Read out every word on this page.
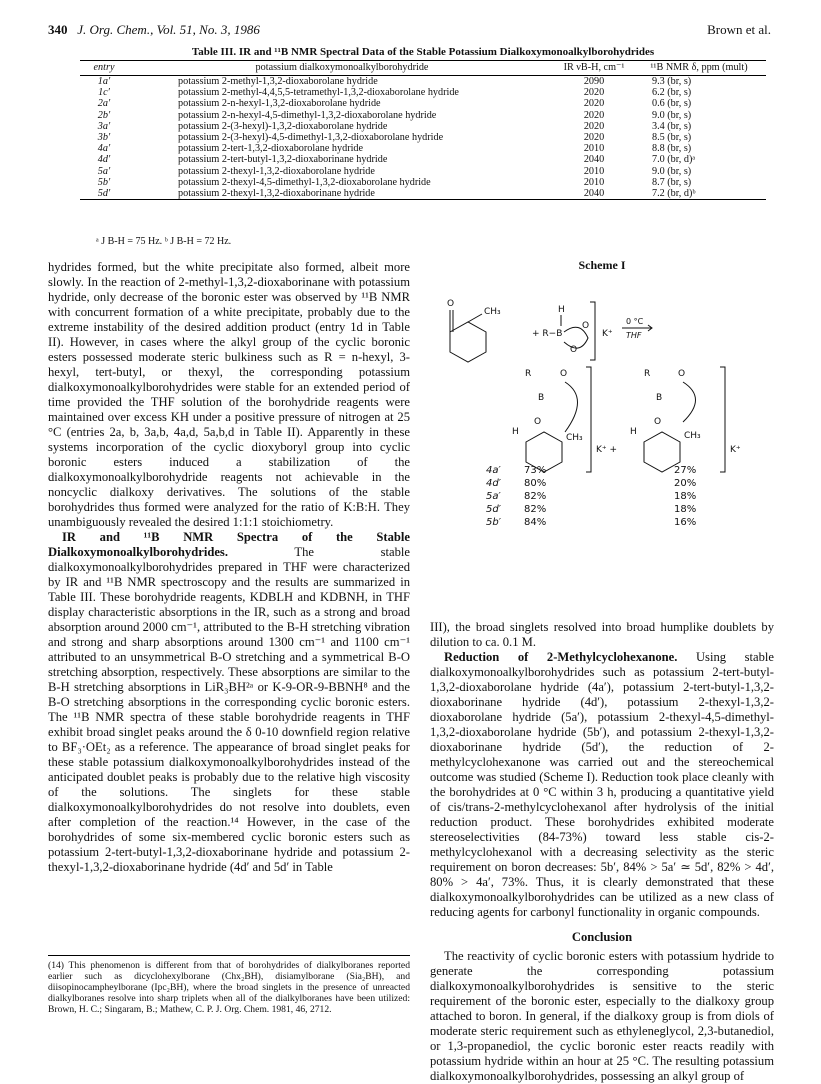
340 J. Org. Chem., Vol. 51, No. 3, 1986	Brown et al.
Table III. IR and ¹¹B NMR Spectral Data of the Stable Potassium Dialkoxymonoalkylborohydrides
entry	potassium dialkoxymonoalkylborohydride	IR νB-H, cm⁻¹	¹¹B NMR δ, ppm (mult)
1a′	potassium 2-methyl-1,3,2-dioxaborolane hydride	2090	9.3 (br, s)
1c′	potassium 2-methyl-4,4,5,5-tetramethyl-1,3,2-dioxaborolane hydride	2020	6.2 (br, s)
2a′	potassium 2-n-hexyl-1,3,2-dioxaborolane hydride	2020	0.6 (br, s)
2b′	potassium 2-n-hexyl-4,5-dimethyl-1,3,2-dioxaborolane hydride	2020	9.0 (br, s)
3a′	potassium 2-(3-hexyl)-1,3,2-dioxaborolane hydride	2020	3.4 (br, s)
3b′	potassium 2-(3-hexyl)-4,5-dimethyl-1,3,2-dioxaborolane hydride	2020	8.5 (br, s)
4a′	potassium 2-tert-1,3,2-dioxaborolane hydride	2010	8.8 (br, s)
4d′	potassium 2-tert-butyl-1,3,2-dioxaborinane hydride	2040	7.0 (br, d)ᵃ
5a′	potassium 2-thexyl-1,3,2-dioxaborolane hydride	2010	9.0 (br, s)
5b′	potassium 2-thexyl-4,5-dimethyl-1,3,2-dioxaborolane hydride	2010	8.7 (br, s)
5d′	potassium 2-thexyl-1,3,2-dioxaborinane hydride	2040	7.2 (br, d)ᵇ
ᵃ J B-H = 75 Hz. ᵇ J B-H = 72 Hz.

hydrides formed, but the white precipitate also formed, albeit more slowly. In the reaction of 2-methyl-1,3,2-dioxaborinane with potassium hydride, only decrease of the boronic ester was observed by ¹¹B NMR with concurrent formation of a white precipitate, probably due to the extreme instability of the desired addition product (entry 1d in Table II). However, in cases where the alkyl group of the cyclic boronic esters possessed moderate steric bulkiness such as R = n-hexyl, 3-hexyl, tert-butyl, or thexyl, the corresponding potassium dialkoxymonoalkylborohydrides were stable for an extended period of time provided the THF solution of the borohydride reagents were maintained over excess KH under a positive pressure of nitrogen at 25 °C (entries 2a, b, 3a,b, 4a,d, 5a,b,d in Table II). Apparently in these systems incorporation of the cyclic dioxyboryl group into cyclic boronic esters induced a stabilization of the dialkoxymonoalkylborohydride reagents not achievable in the noncyclic dialkoxy derivatives. The solutions of the stable borohydrides thus formed were analyzed for the ratio of K:B:H. They unambiguously revealed the desired 1:1:1 stoichiometry.

IR and ¹¹B NMR Spectra of the Stable Dialkoxymonoalkylborohydrides.	The stable dialkoxymonoalkylborohydrides prepared in THF were characterized by IR and ¹¹B NMR spectroscopy and the results are summarized in Table III. These borohydride reagents, KDBLH and KDBNH, in THF display characteristic absorptions in the IR, such as a strong and broad absorption around 2000 cm⁻¹, attributed to the B-H stretching vibration and strong and sharp absorptions around 1300 cm⁻¹ and 1100 cm⁻¹ attributed to an unsymmetrical B-O stretching and a symmetrical B-O stretching absorption, respectively. These absorptions are similar to the B-H stretching absorptions in LiR₃BH²ᵃ or K-9-OR-9-BBNH⁸ and the B-O stretching absorptions in the corresponding cyclic boronic esters. The ¹¹B NMR spectra of these stable borohydride reagents in THF exhibit broad singlet peaks around the δ 0-10 downfield region relative to BF₃·OEt₂ as a reference. The appearance of broad singlet peaks for these stable potassium dialkoxymonoalkylborohydrides instead of the anticipated doublet peaks is probably due to the relative high viscosity of the solutions. The singlets for these stable dialkoxymonoalkylborohydrides do not resolve into doublets, even after completion of the reaction.¹⁴ However, in the case of the borohydrides of some six-membered cyclic boronic esters such as potassium 2-tert-butyl-1,3,2-dioxaborinane hydride and potassium 2-thexyl-1,3,2-dioxaborinane hydride (4d′ and 5d′ in Table

(14) This phenomenon is different from that of borohydrides of dialkylboranes reported earlier such as dicyclohexylborane (Chx₂BH), disiamylborane (Sia₂BH), and diisopinocampheylborane (Ipc₂BH), where the broad singlets in the presence of unreacted dialkylboranes resolve into sharp triplets when all of the dialkylboranes have been utilized: Brown, H. C.; Singaram, B.; Mathew, C. P. J. Org. Chem. 1981, 46, 2712.
Scheme I
O
CH₃
+ R−B
H
O
O
K⁺
0 °C
THF
R	O
B
O
H
CH₃
K⁺ +
R	O
B
O
H	CH₃
K⁺
4a′	73%	27%
4d′	80%	20%
5a′	82%	18%
5d′	82%	18%
5b′	84%	16%

III), the broad singlets resolved into broad humplike doublets by dilution to ca. 0.1 M.

Reduction of 2-Methylcyclohexanone. Using stable dialkoxymonoalkylborohydrides such as potassium 2-tert-butyl-1,3,2-dioxaborolane hydride (4a′), potassium 2-tert-butyl-1,3,2-dioxaborinane hydride (4d′), potassium 2-thexyl-1,3,2-dioxaborolane hydride (5a′), potassium 2-thexyl-4,5-dimethyl-1,3,2-dioxaborolane hydride (5b′), and potassium 2-thexyl-1,3,2-dioxaborinane hydride (5d′), the reduction of 2-methylcyclohexanone was carried out and the stereochemical outcome was studied (Scheme I). Reduction took place cleanly with the borohydrides at 0 °C within 3 h, producing a quantitative yield of cis/trans-2-methylcyclohexanol after hydrolysis of the initial reduction product. These borohydrides exhibited moderate stereoselectivities (84-73%) toward less stable cis-2-methylcyclohexanol with a decreasing selectivity as the steric requirement on boron decreases: 5b′, 84% > 5a′ ≃ 5d′, 82% > 4d′, 80% > 4a′, 73%. Thus, it is clearly demonstrated that these dialkoxymonoalkylborohydrides can be utilized as a new class of reducing agents for carbonyl functionality in organic compounds.

Conclusion

The reactivity of cyclic boronic esters with potassium hydride to generate the corresponding potassium dialkoxymonoalkylborohydrides is sensitive to the steric requirement of the boronic ester, especially to the dialkoxy group attached to boron. In general, if the dialkoxy group is from diols of moderate steric requirement such as ethyleneglycol, 2,3-butanediol, or 1,3-propanediol, the cyclic boronic ester reacts readily with potassium hydride within an hour at 25 °C. The resulting potassium dialkoxymonoalkylborohydrides, possessing an alkyl group of
